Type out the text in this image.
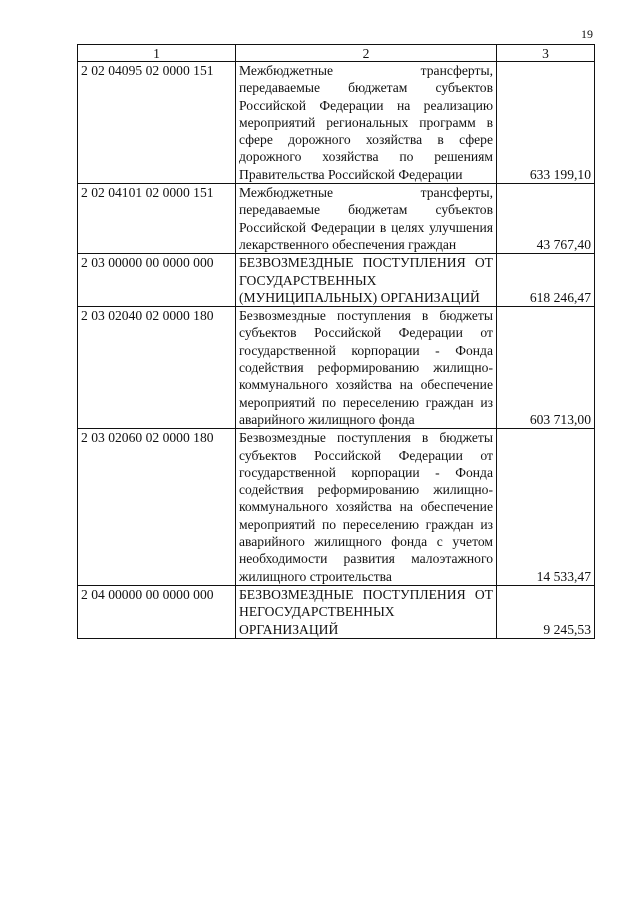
19
1	2	3
2 02 04095 02 0000 151	Межбюджетные трансферты, передаваемые бюджетам субъектов Российской Федерации на реализацию мероприятий региональных программ в сфере дорожного хозяйства в сфере дорожного хозяйства по решениям Правительства Российской Федерации	633 199,10
2 02 04101 02 0000 151	Межбюджетные трансферты, передаваемые бюджетам субъектов Российской Федерации в целях улучшения лекарственного обеспечения граждан	43 767,40
2 03 00000 00 0000 000	БЕЗВОЗМЕЗДНЫЕ ПОСТУПЛЕНИЯ ОТ ГОСУДАРСТВЕННЫХ (МУНИЦИПАЛЬНЫХ) ОРГАНИЗАЦИЙ	618 246,47
2 03 02040 02 0000 180	Безвозмездные поступления в бюджеты субъектов Российской Федерации от государственной корпорации - Фонда содействия реформированию жилищно-коммунального хозяйства на обеспечение мероприятий по переселению граждан из аварийного жилищного фонда	603 713,00
2 03 02060 02 0000 180	Безвозмездные поступления в бюджеты субъектов Российской Федерации от государственной корпорации - Фонда содействия реформированию жилищно-коммунального хозяйства на обеспечение мероприятий по переселению граждан из аварийного жилищного фонда с учетом необходимости развития малоэтажного жилищного строительства	14 533,47
2 04 00000 00 0000 000	БЕЗВОЗМЕЗДНЫЕ ПОСТУПЛЕНИЯ ОТ НЕГОСУДАРСТВЕННЫХ ОРГАНИЗАЦИЙ	9 245,53
